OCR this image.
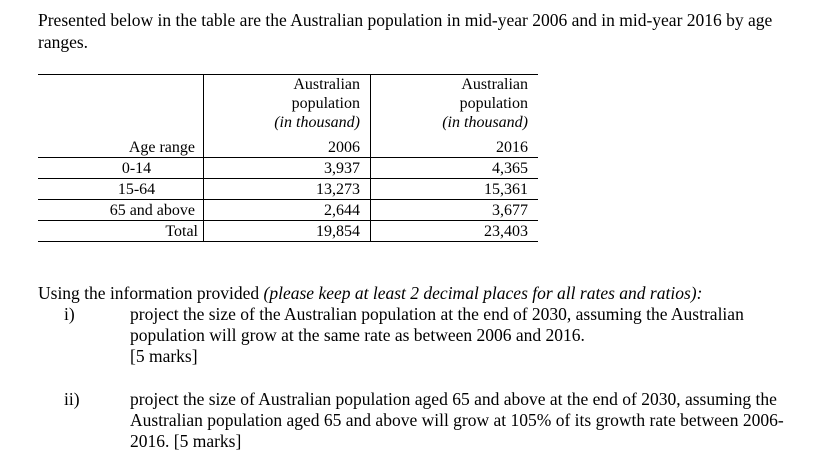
Presented below in the table are the Australian population in mid-year 2006 and in mid-year 2016 by age ranges.

	Australian
population
(in thousand)	Australian
population
(in thousand)

Age range	2006	2016
0-14	3,937	4,365
15-64	13,273	15,361
65 and above	2,644	3,677
Total	19,854	23,403
Using the information provided (please keep at least 2 decimal places for all rates and ratios):
i)	project the size of the Australian population at the end of 2030, assuming the Australian population will grow at the same rate as between 2006 and 2016.
[5 marks]
ii)	project the size of Australian population aged 65 and above at the end of 2030, assuming the Australian population aged 65 and above will grow at 105% of its growth rate between 2006-2016. [5 marks]
